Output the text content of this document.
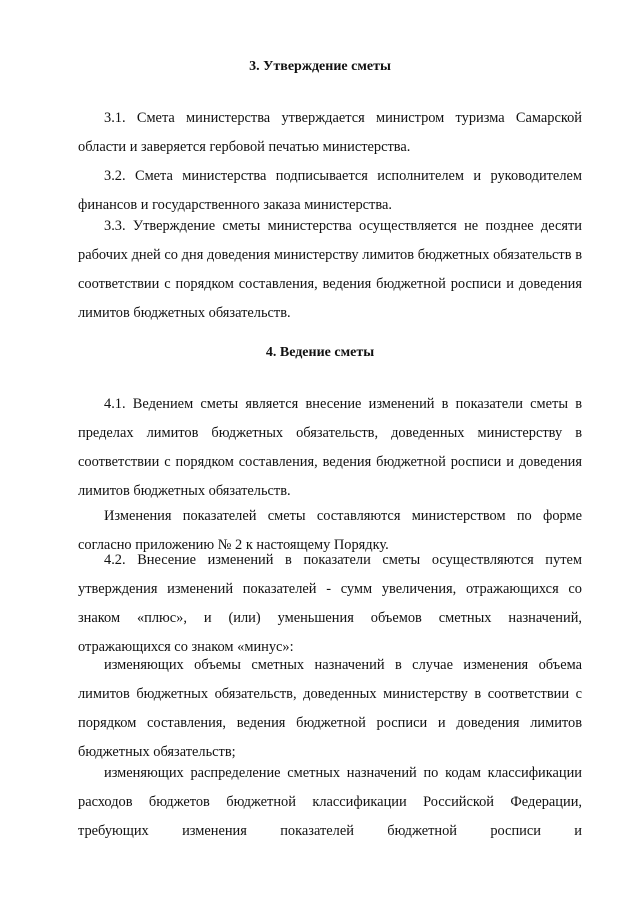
3. Утверждение сметы

3.1. Смета министерства утверждается министром туризма Самарской области и заверяется гербовой печатью министерства.

3.2. Смета министерства подписывается исполнителем и руководителем финансов и государственного заказа министерства.

3.3. Утверждение сметы министерства осуществляется не позднее десяти рабочих дней со дня доведения министерству лимитов бюджетных обязательств в соответствии с порядком составления, ведения бюджетной росписи и доведения лимитов бюджетных обязательств.

4. Ведение сметы

4.1. Ведением сметы является внесение изменений в показатели сметы в пределах лимитов бюджетных обязательств, доведенных министерству в соответствии с порядком составления, ведения бюджетной росписи и доведения лимитов бюджетных обязательств.

Изменения показателей сметы составляются министерством по форме согласно приложению № 2 к настоящему Порядку.

4.2. Внесение изменений в показатели сметы осуществляются путем утверждения изменений показателей - сумм увеличения, отражающихся со знаком «плюс», и (или) уменьшения объемов сметных назначений, отражающихся со знаком «минус»:

изменяющих объемы сметных назначений в случае изменения объема лимитов бюджетных обязательств, доведенных министерству в соответствии с порядком составления, ведения бюджетной росписи и доведения лимитов бюджетных обязательств;

изменяющих распределение сметных назначений по кодам классификации расходов бюджетов бюджетной классификации Российской Федерации, требующих изменения показателей бюджетной росписи и
